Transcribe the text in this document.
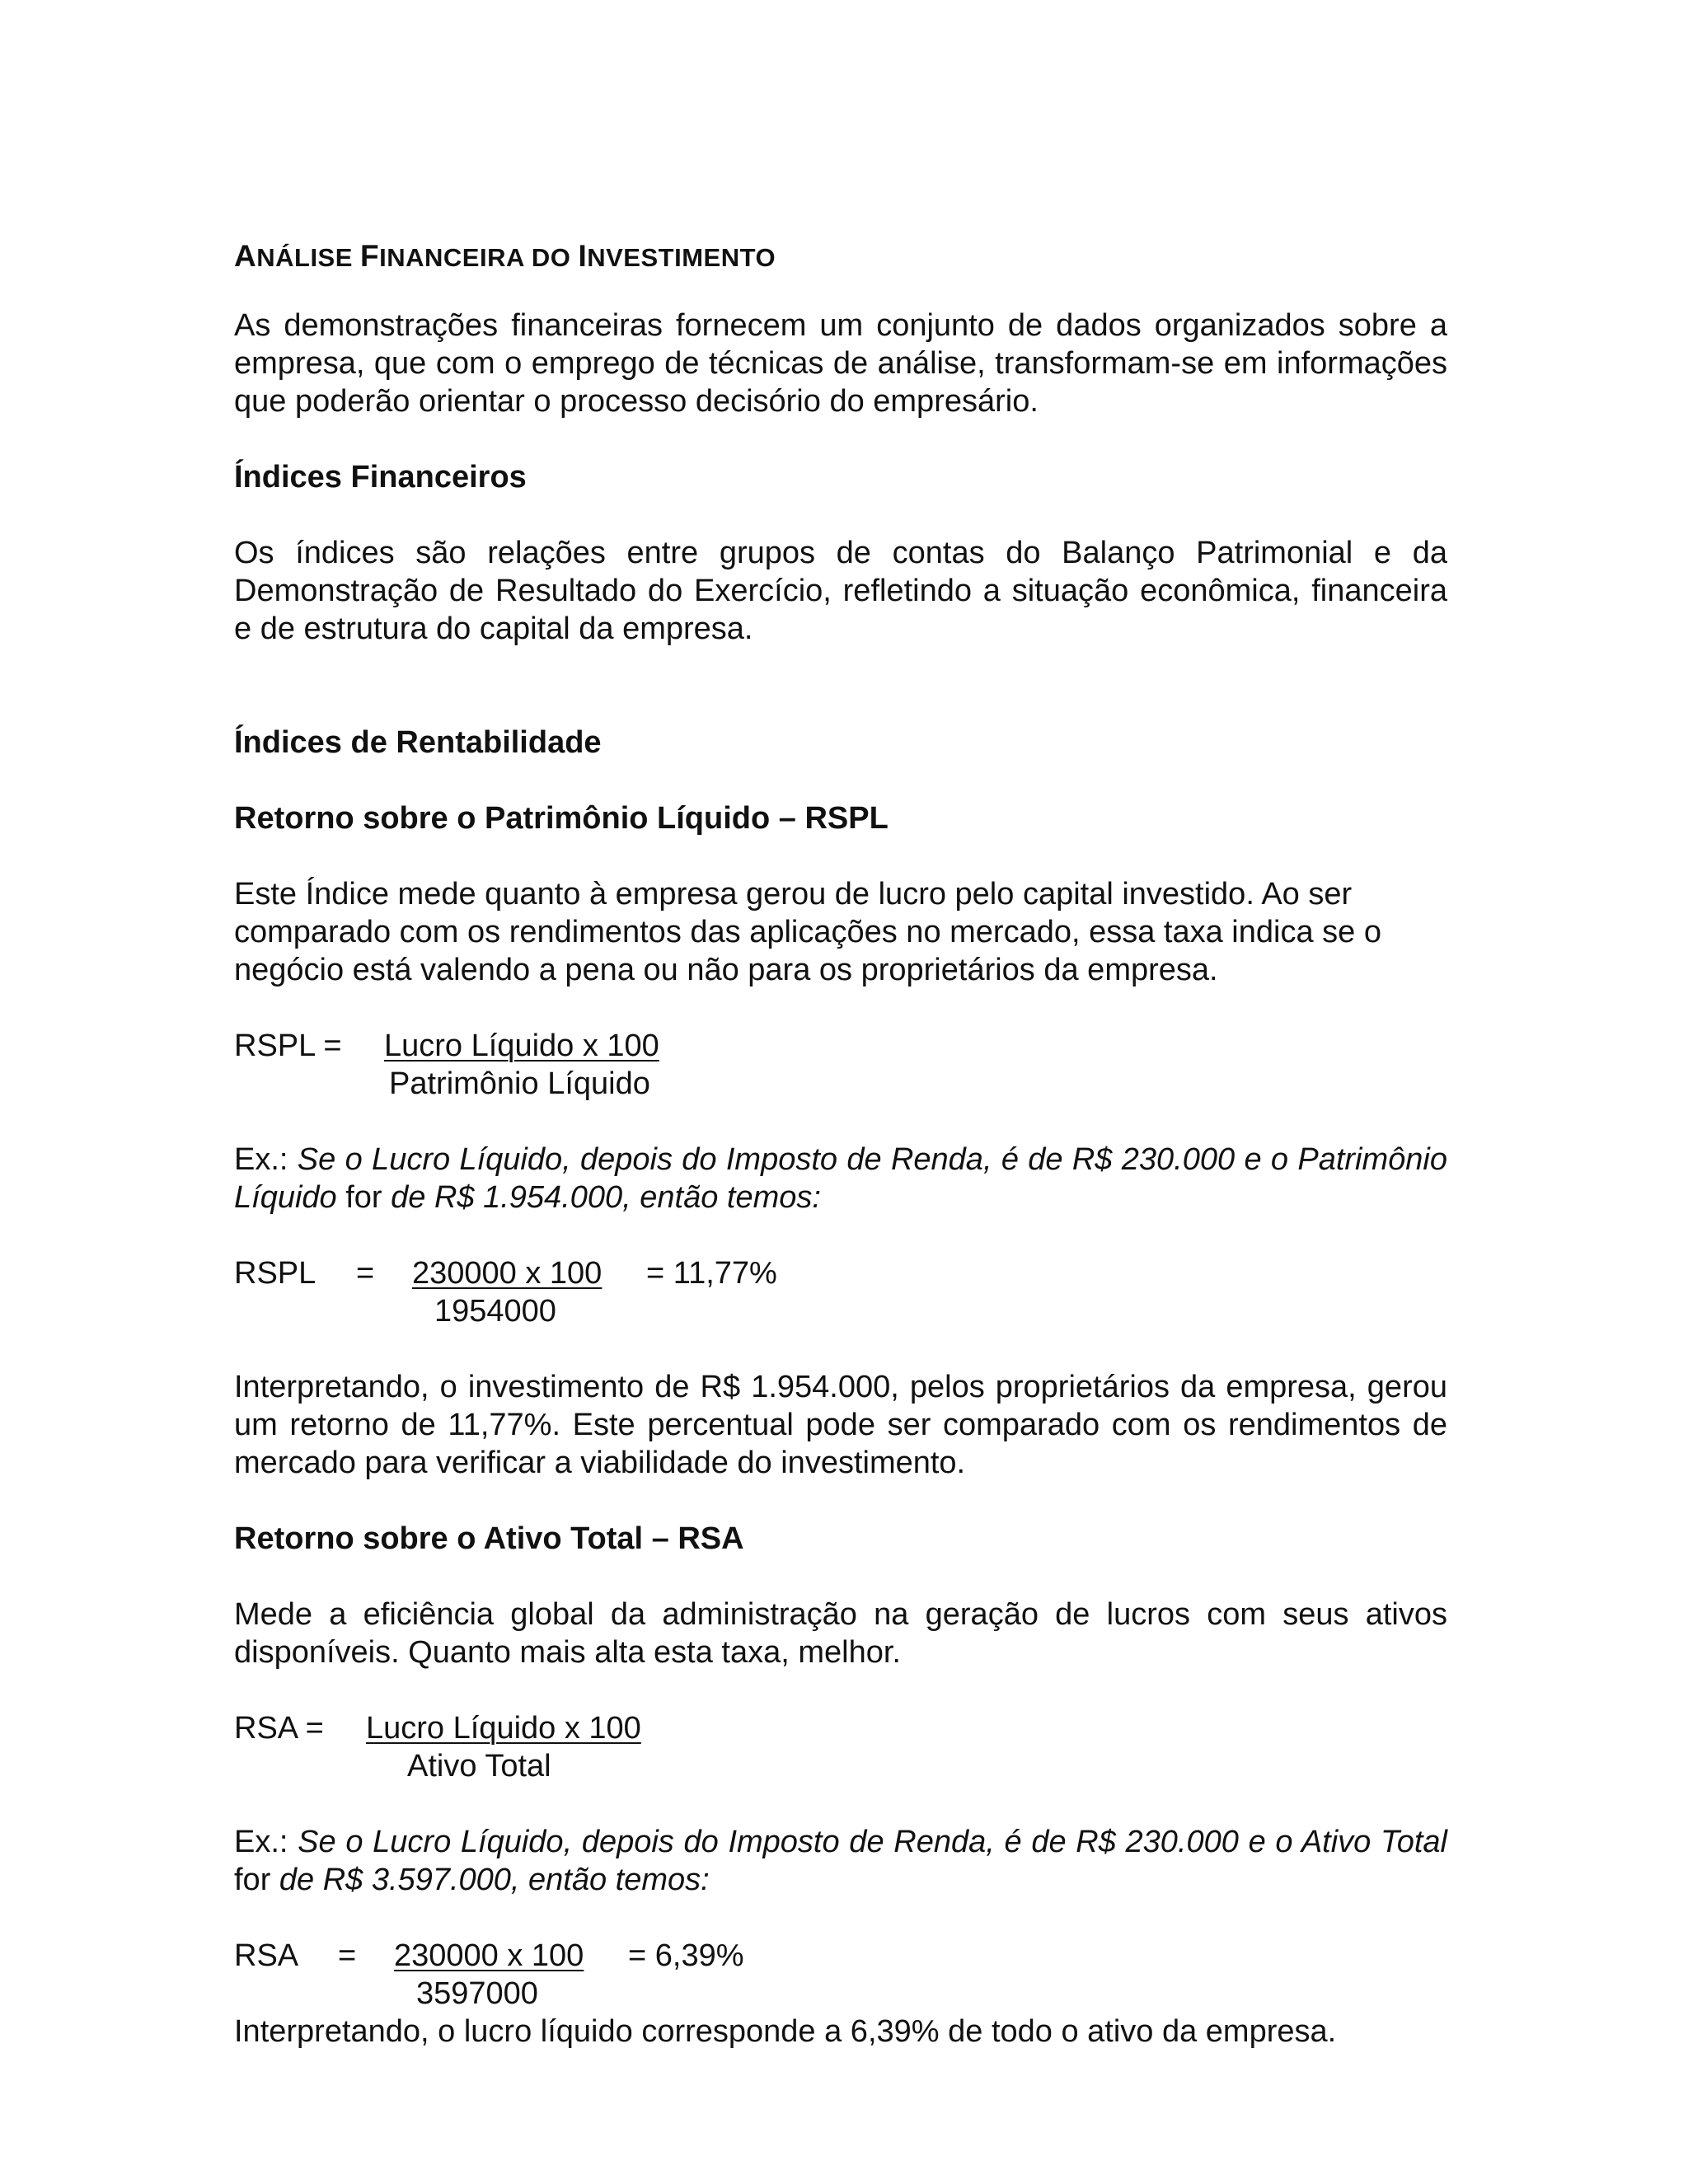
ANÁLISE FINANCEIRA DO INVESTIMENTO

As demonstrações financeiras fornecem um conjunto de dados organizados sobre a empresa, que com o emprego de técnicas de análise, transformam-se em informações que poderão orientar o processo decisório do empresário.

Índices Financeiros

Os índices são relações entre grupos de contas do Balanço Patrimonial e da Demonstração de Resultado do Exercício, refletindo a situação econômica, financeira e de estrutura do capital da empresa.

Índices de Rentabilidade

Retorno sobre o Patrimônio Líquido – RSPL

Este Índice mede quanto à empresa gerou de lucro pelo capital investido. Ao ser comparado com os rendimentos das aplicações no mercado, essa taxa indica se o negócio está valendo a pena ou não para os proprietários da empresa.

RSPL = Lucro Líquido x 100
Patrimônio Líquido

Ex.: Se o Lucro Líquido, depois do Imposto de Renda, é de R$ 230.000 e o Patrimônio Líquido for de R$ 1.954.000, então temos:

RSPL = 230000 x 100 = 11,77%
1954000

Interpretando, o investimento de R$ 1.954.000, pelos proprietários da empresa, gerou um retorno de 11,77%. Este percentual pode ser comparado com os rendimentos de mercado para verificar a viabilidade do investimento.

Retorno sobre o Ativo Total – RSA

Mede a eficiência global da administração na geração de lucros com seus ativos disponíveis. Quanto mais alta esta taxa, melhor.

RSA = Lucro Líquido x 100
Ativo Total

Ex.: Se o Lucro Líquido, depois do Imposto de Renda, é de R$ 230.000 e o Ativo Total for de R$ 3.597.000, então temos:

RSA = 230000 x 100 = 6,39%
3597000

Interpretando, o lucro líquido corresponde a 6,39% de todo o ativo da empresa.
